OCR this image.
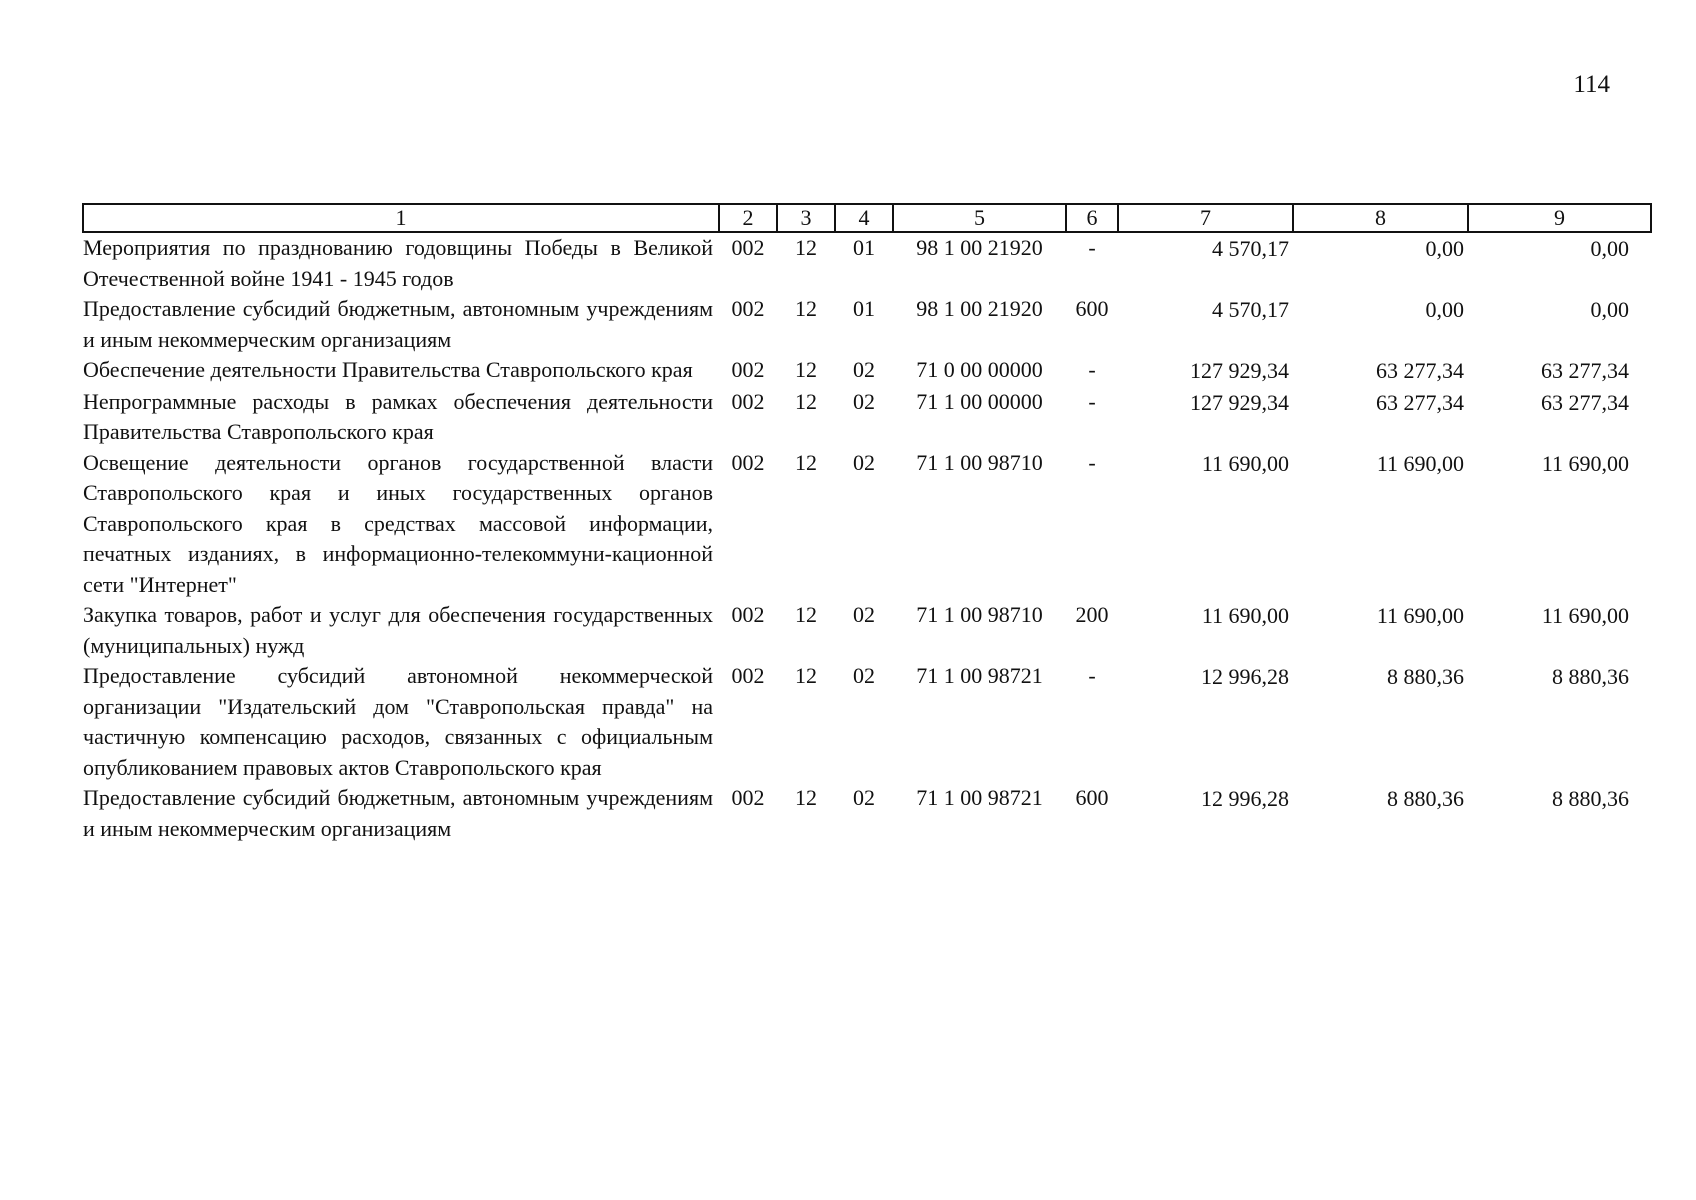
114
1	2	3	4	5	6	7	8	9
Мероприятия по празднованию годовщины Победы в Великой Отечественной войне 1941 - 1945 годов	002	12	01	98 1 00 21920	-	4 570,17	0,00	0,00
Предоставление субсидий бюджетным, автономным учреждениям и иным некоммерческим организациям	002	12	01	98 1 00 21920	600	4 570,17	0,00	0,00
Обеспечение деятельности Правительства Ставропольского края	002	12	02	71 0 00 00000	-	127 929,34	63 277,34	63 277,34
Непрограммные расходы в рамках обеспечения деятельности Правительства Ставропольского края	002	12	02	71 1 00 00000	-	127 929,34	63 277,34	63 277,34
Освещение деятельности органов государственной власти Ставропольского края и иных государственных органов Ставропольского края в средствах массовой информации, печатных изданиях, в информационно-телекоммуни-кационной сети "Интернет"	002	12	02	71 1 00 98710	-	11 690,00	11 690,00	11 690,00
Закупка товаров, работ и услуг для обеспечения государственных (муниципальных) нужд	002	12	02	71 1 00 98710	200	11 690,00	11 690,00	11 690,00
Предоставление субсидий автономной некоммерческой организации "Издательский дом "Ставропольская правда" на частичную компенсацию расходов, связанных с официальным опубликованием правовых актов Ставропольского края	002	12	02	71 1 00 98721	-	12 996,28	8 880,36	8 880,36
Предоставление субсидий бюджетным, автономным учреждениям и иным некоммерческим организациям	002	12	02	71 1 00 98721	600	12 996,28	8 880,36	8 880,36
